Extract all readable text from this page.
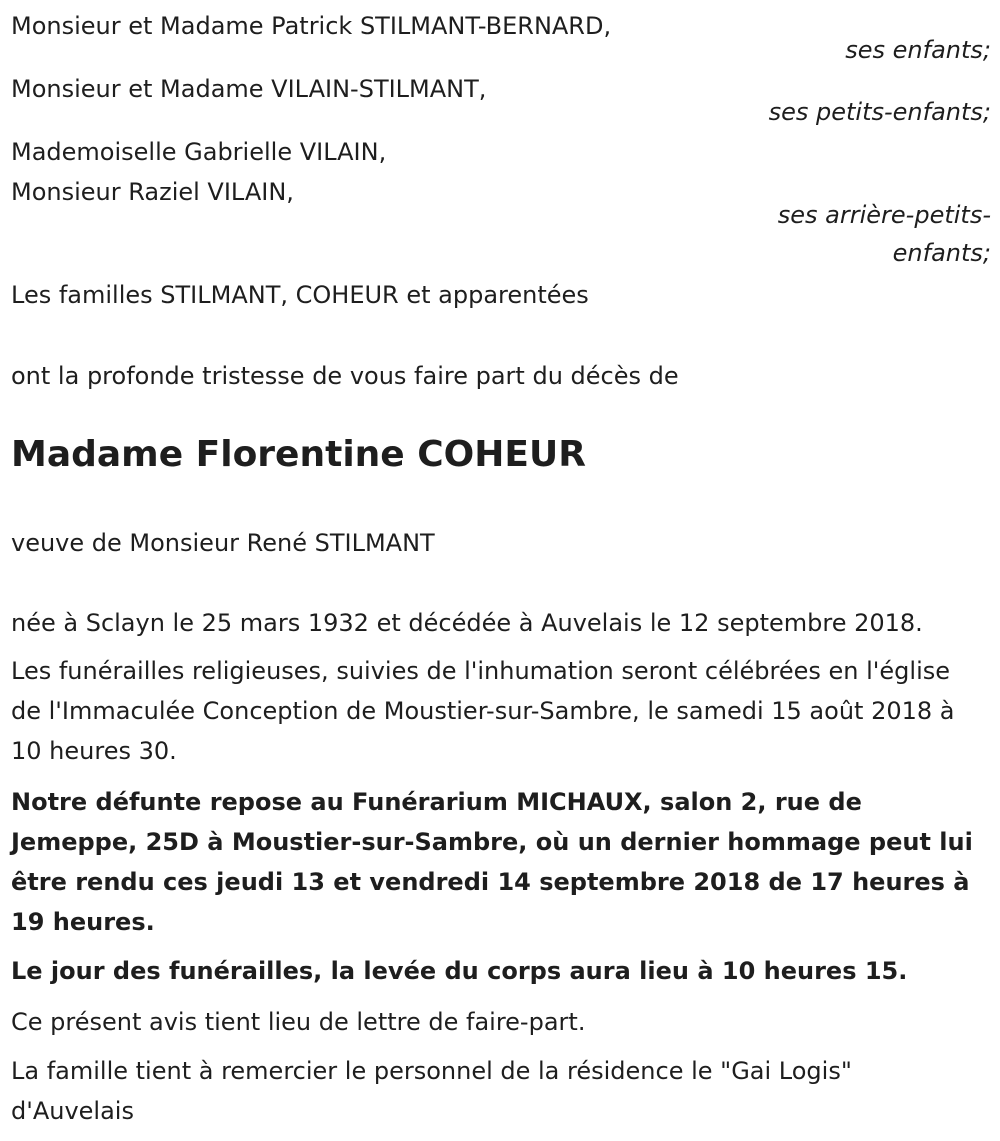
Monsieur et Madame Patrick STILMANT-BERNARD,
ses enfants;
Monsieur et Madame VILAIN-STILMANT,
ses petits-enfants;
Mademoiselle Gabrielle VILAIN,
Monsieur Raziel VILAIN,
ses arrière-petits-enfants;
Les familles STILMANT, COHEUR et apparentées
ont la profonde tristesse de vous faire part du décès de
Madame Florentine COHEUR
veuve de Monsieur René STILMANT
née à Sclayn le 25 mars 1932 et décédée à Auvelais le 12 septembre 2018.
Les funérailles religieuses, suivies de l'inhumation seront célébrées en l'église de l'Immaculée Conception de Moustier-sur-Sambre, le samedi 15 août 2018 à 10 heures 30.
Notre défunte repose au Funérarium MICHAUX, salon 2, rue de Jemeppe, 25D à Moustier-sur-Sambre, où un dernier hommage peut lui être rendu ces jeudi 13 et vendredi 14 septembre 2018 de 17 heures à 19 heures.
Le jour des funérailles, la levée du corps aura lieu à 10 heures 15.
Ce présent avis tient lieu de lettre de faire-part.
La famille tient à remercier le personnel de la résidence le "Gai Logis" d'Auvelais
